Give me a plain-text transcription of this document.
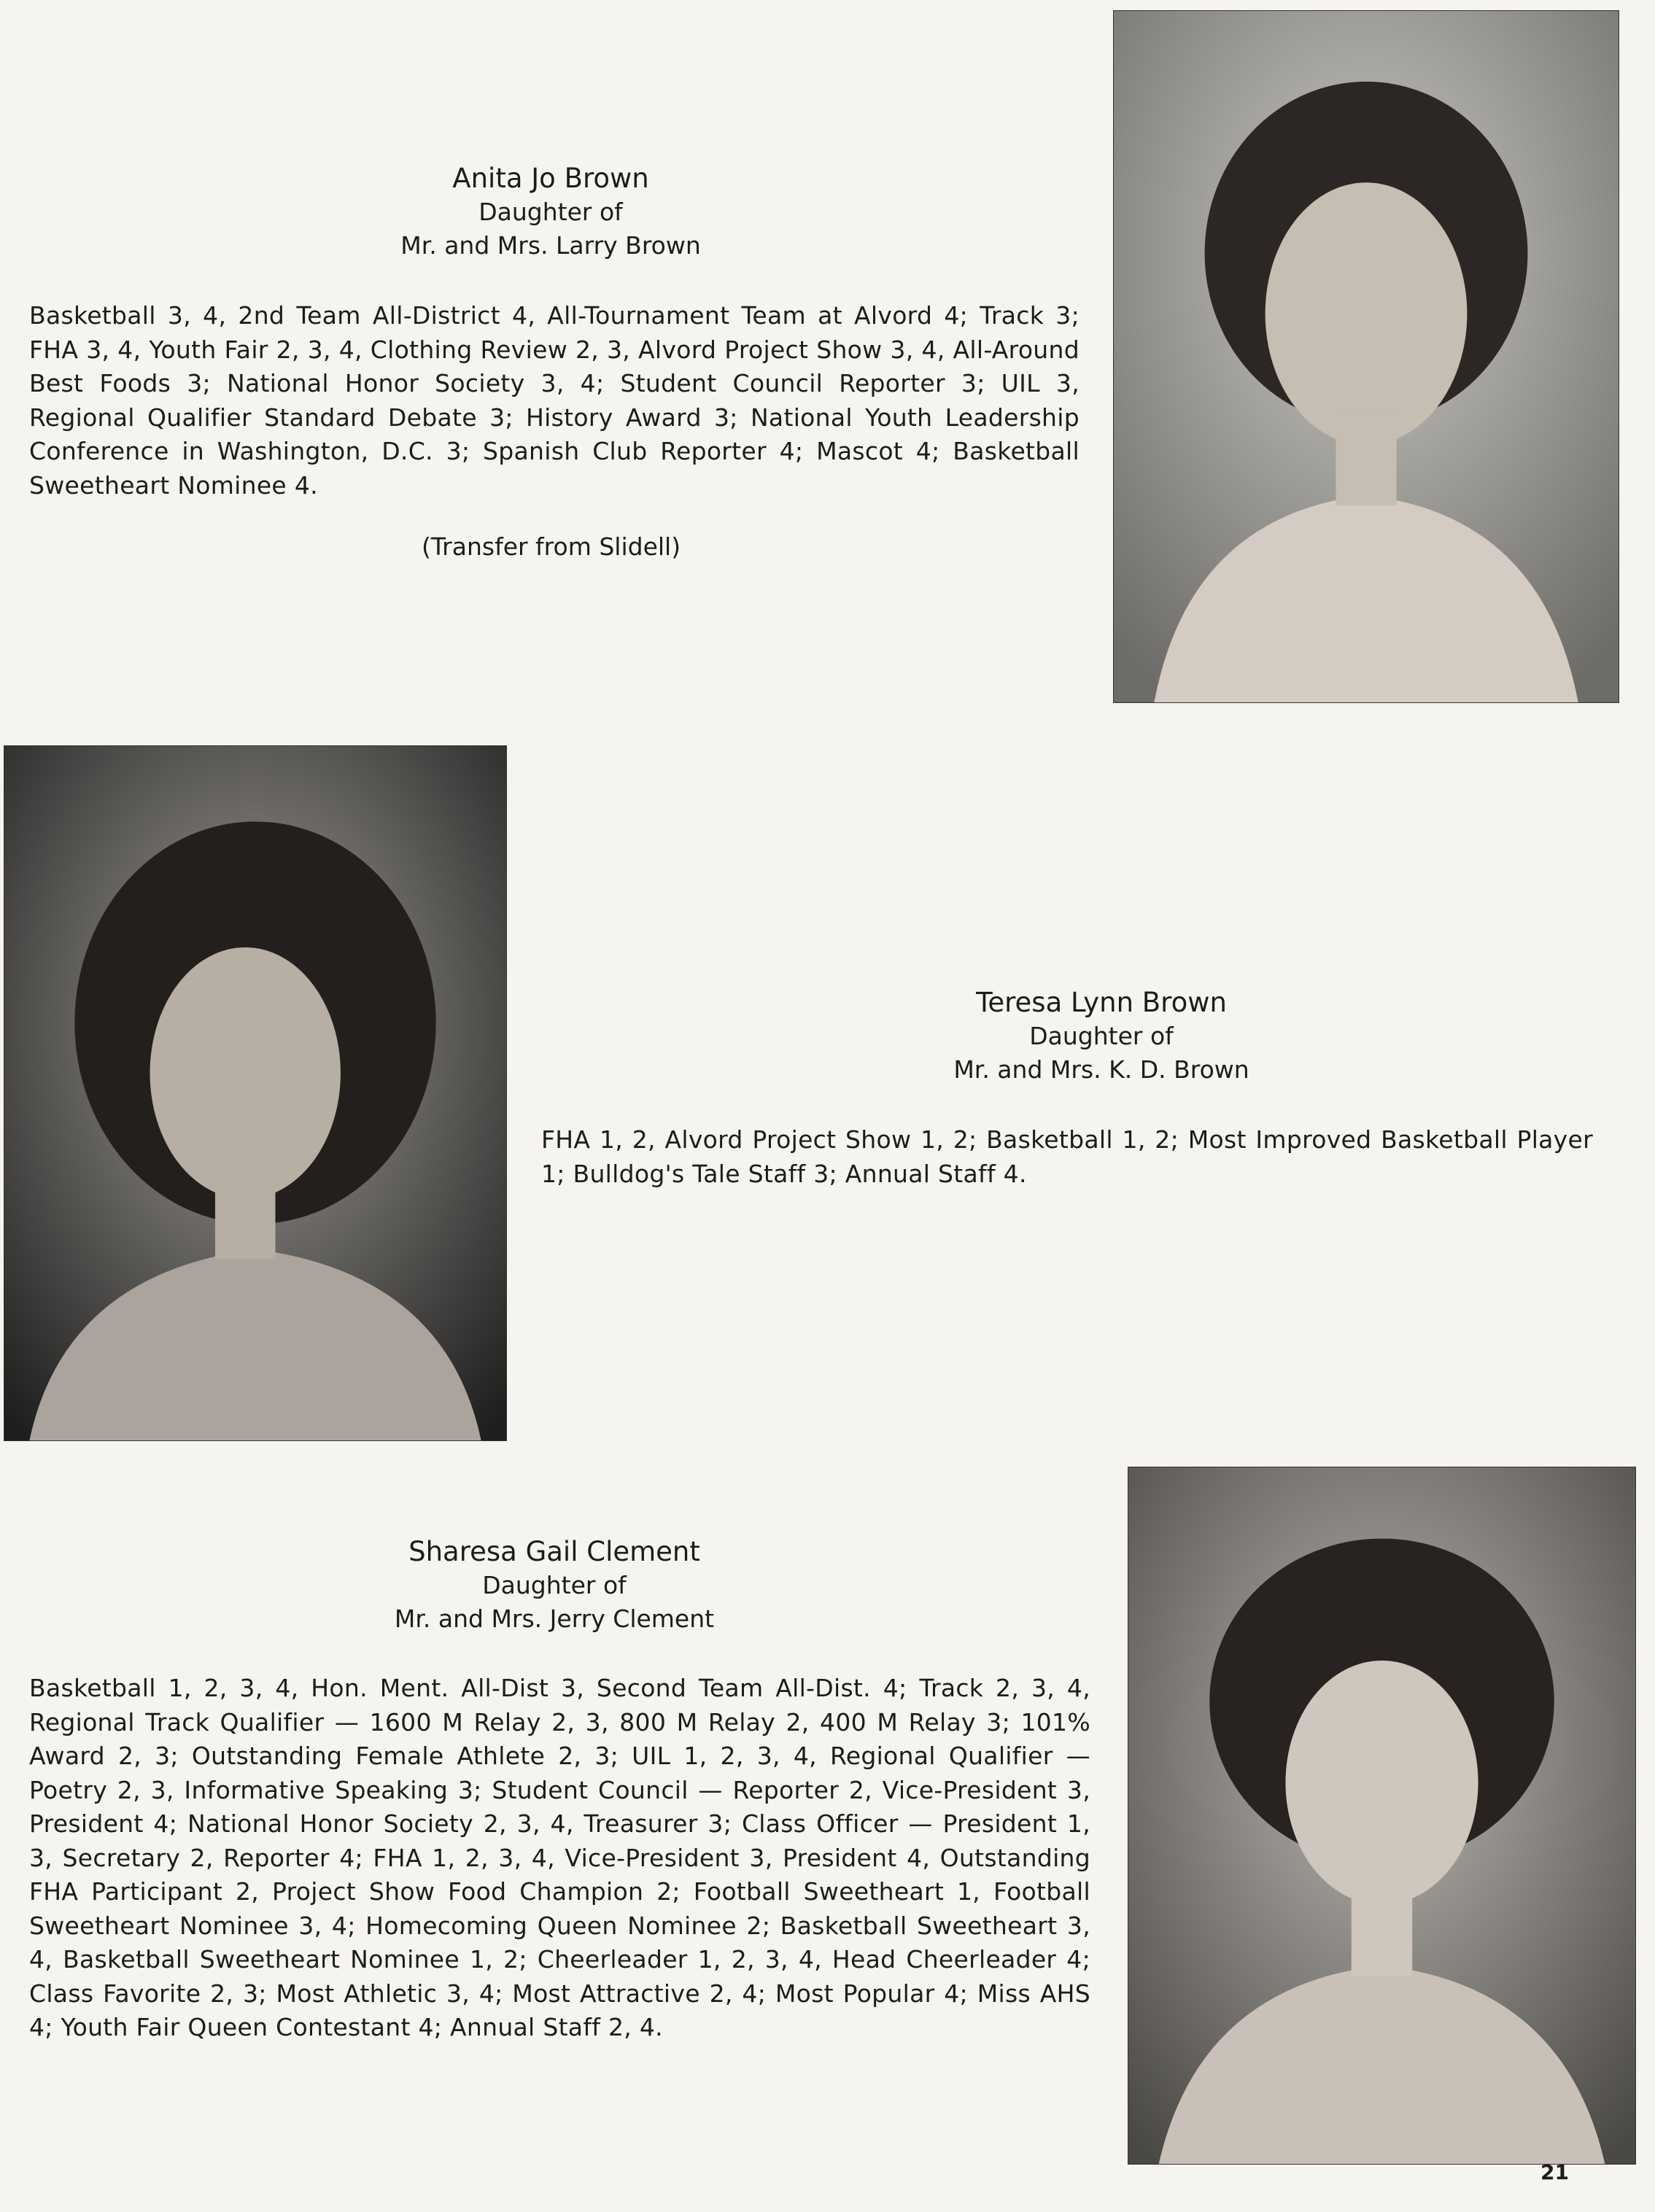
Anita Jo Brown
Daughter of
Mr. and Mrs. Larry Brown
Basketball 3, 4, 2nd Team All-District 4, All-Tournament Team at Alvord 4; Track 3; FHA 3, 4, Youth Fair 2, 3, 4, Clothing Review 2, 3, Alvord Project Show 3, 4, All-Around Best Foods 3; National Honor Society 3, 4; Student Council Reporter 3; UIL 3, Regional Qualifier Standard Debate 3; History Award 3; National Youth Leadership Conference in Washington, D.C. 3; Spanish Club Reporter 4; Mascot 4; Basketball Sweetheart Nominee 4.
(Transfer from Slidell)
Teresa Lynn Brown
Daughter of
Mr. and Mrs. K. D. Brown
FHA 1, 2, Alvord Project Show 1, 2; Basketball 1, 2; Most Improved Basketball Player 1; Bulldog's Tale Staff 3; Annual Staff 4.
Sharesa Gail Clement
Daughter of
Mr. and Mrs. Jerry Clement
Basketball 1, 2, 3, 4, Hon. Ment. All-Dist 3, Second Team All-Dist. 4; Track 2, 3, 4, Regional Track Qualifier — 1600 M Relay 2, 3, 800 M Relay 2, 400 M Relay 3; 101% Award 2, 3; Outstanding Female Athlete 2, 3; UIL 1, 2, 3, 4, Regional Qualifier — Poetry 2, 3, Informative Speaking 3; Student Council — Reporter 2, Vice-President 3, President 4; National Honor Society 2, 3, 4, Treasurer 3; Class Officer — President 1, 3, Secretary 2, Reporter 4; FHA 1, 2, 3, 4, Vice-President 3, President 4, Outstanding FHA Participant 2, Project Show Food Champion 2; Football Sweetheart 1, Football Sweetheart Nominee 3, 4; Homecoming Queen Nominee 2; Basketball Sweetheart 3, 4, Basketball Sweetheart Nominee 1, 2; Cheerleader 1, 2, 3, 4, Head Cheerleader 4; Class Favorite 2, 3; Most Athletic 3, 4; Most Attractive 2, 4; Most Popular 4; Miss AHS 4; Youth Fair Queen Contestant 4; Annual Staff 2, 4.
21
